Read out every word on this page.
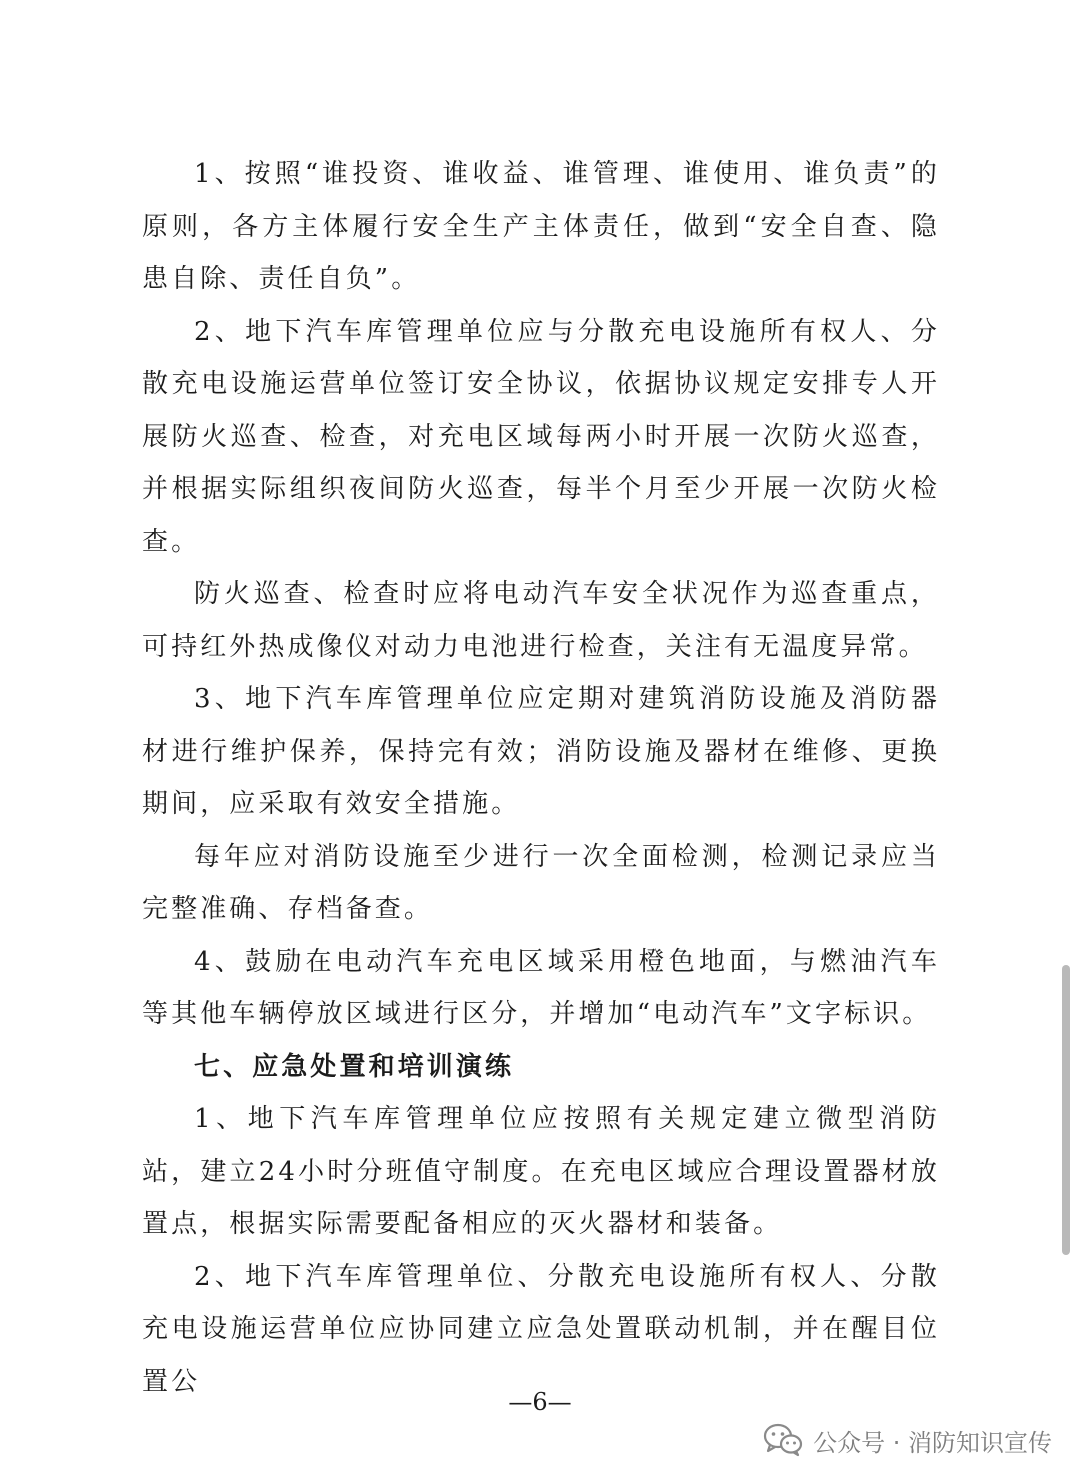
1、按照“谁投资、谁收益、谁管理、谁使用、谁负责”的原则，各方主体履行安全生产主体责任，做到“安全自查、隐患自除、责任自负”。

2、地下汽车库管理单位应与分散充电设施所有权人、分散充电设施运营单位签订安全协议，依据协议规定安排专人开展防火巡查、检查，对充电区域每两小时开展一次防火巡查，并根据实际组织夜间防火巡查，每半个月至少开展一次防火检查。

防火巡查、检查时应将电动汽车安全状况作为巡查重点，可持红外热成像仪对动力电池进行检查，关注有无温度异常。

3、地下汽车库管理单位应定期对建筑消防设施及消防器材进行维护保养，保持完有效；消防设施及器材在维修、更换期间，应采取有效安全措施。

每年应对消防设施至少进行一次全面检测，检测记录应当完整准确、存档备查。

4、鼓励在电动汽车充电区域采用橙色地面，与燃油汽车等其他车辆停放区域进行区分，并增加“电动汽车”文字标识。

七、应急处置和培训演练

1、地下汽车库管理单位应按照有关规定建立微型消防站，建立24小时分班值守制度。在充电区域应合理设置器材放置点，根据实际需要配备相应的灭火器材和装备。

2、地下汽车库管理单位、分散充电设施所有权人、分散充电设施运营单位应协同建立应急处置联动机制，并在醒目位置公

—6—
公众号 · 消防知识宣传
